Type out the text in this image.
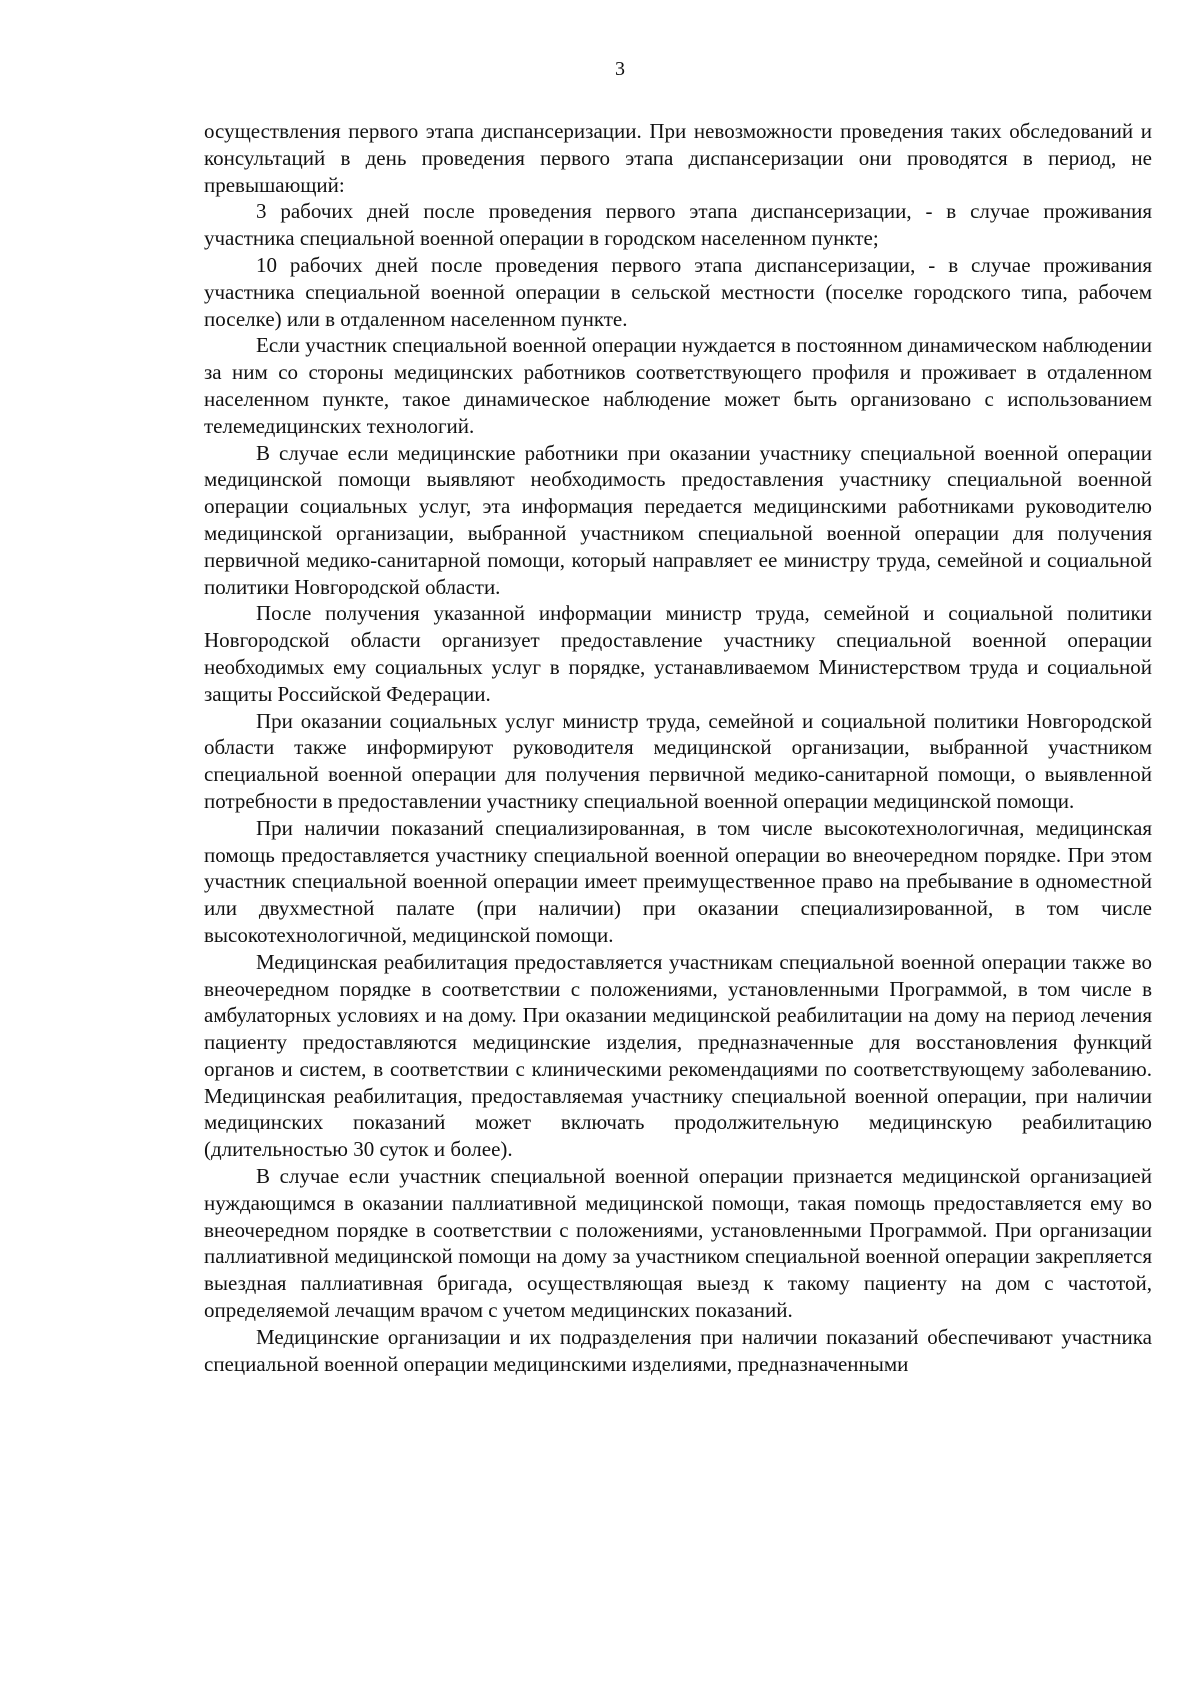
3

осуществления первого этапа диспансеризации. При невозможности проведения таких обследований и консультаций в день проведения первого этапа диспансеризации они проводятся в период, не превышающий:

3 рабочих дней после проведения первого этапа диспансеризации, - в случае проживания участника специальной военной операции в городском населенном пункте;

10 рабочих дней после проведения первого этапа диспансеризации, - в случае проживания участника специальной военной операции в сельской местности (поселке городского типа, рабочем поселке) или в отдаленном населенном пункте.

Если участник специальной военной операции нуждается в постоянном динамическом наблюдении за ним со стороны медицинских работников соответствующего профиля и проживает в отдаленном населенном пункте, такое динамическое наблюдение может быть организовано с использованием телемедицинских технологий.

В случае если медицинские работники при оказании участнику специальной военной операции медицинской помощи выявляют необходимость предоставления участнику специальной военной операции социальных услуг, эта информация передается медицинскими работниками руководителю медицинской организации, выбранной участником специальной военной операции для получения первичной медико-санитарной помощи, который направляет ее министру труда, семейной и социальной политики Новгородской области.

После получения указанной информации министр труда, семейной и социальной политики Новгородской области организует предоставление участнику специальной военной операции необходимых ему социальных услуг в порядке, устанавливаемом Министерством труда и социальной защиты Российской Федерации.

При оказании социальных услуг министр труда, семейной и социальной политики Новгородской области также информируют руководителя медицинской организации, выбранной участником специальной военной операции для получения первичной медико-санитарной помощи, о выявленной потребности в предоставлении участнику специальной военной операции медицинской помощи.

При наличии показаний специализированная, в том числе высокотехнологичная, медицинская помощь предоставляется участнику специальной военной операции во внеочередном порядке. При этом участник специальной военной операции имеет преимущественное право на пребывание в одноместной или двухместной палате (при наличии) при оказании специализированной, в том числе высокотехнологичной, медицинской помощи.

Медицинская реабилитация предоставляется участникам специальной военной операции также во внеочередном порядке в соответствии с положениями, установленными Программой, в том числе в амбулаторных условиях и на дому. При оказании медицинской реабилитации на дому на период лечения пациенту предоставляются медицинские изделия, предназначенные для восстановления функций органов и систем, в соответствии с клиническими рекомендациями по соответствующему заболеванию. Медицинская реабилитация, предоставляемая участнику специальной военной операции, при наличии медицинских показаний может включать продолжительную медицинскую реабилитацию (длительностью 30 суток и более).

В случае если участник специальной военной операции признается медицинской организацией нуждающимся в оказании паллиативной медицинской помощи, такая помощь предоставляется ему во внеочередном порядке в соответствии с положениями, установленными Программой. При организации паллиативной медицинской помощи на дому за участником специальной военной операции закрепляется выездная паллиативная бригада, осуществляющая выезд к такому пациенту на дом с частотой, определяемой лечащим врачом с учетом медицинских показаний.

Медицинские организации и их подразделения при наличии показаний обеспечивают участника специальной военной операции медицинскими изделиями, предназначенными
